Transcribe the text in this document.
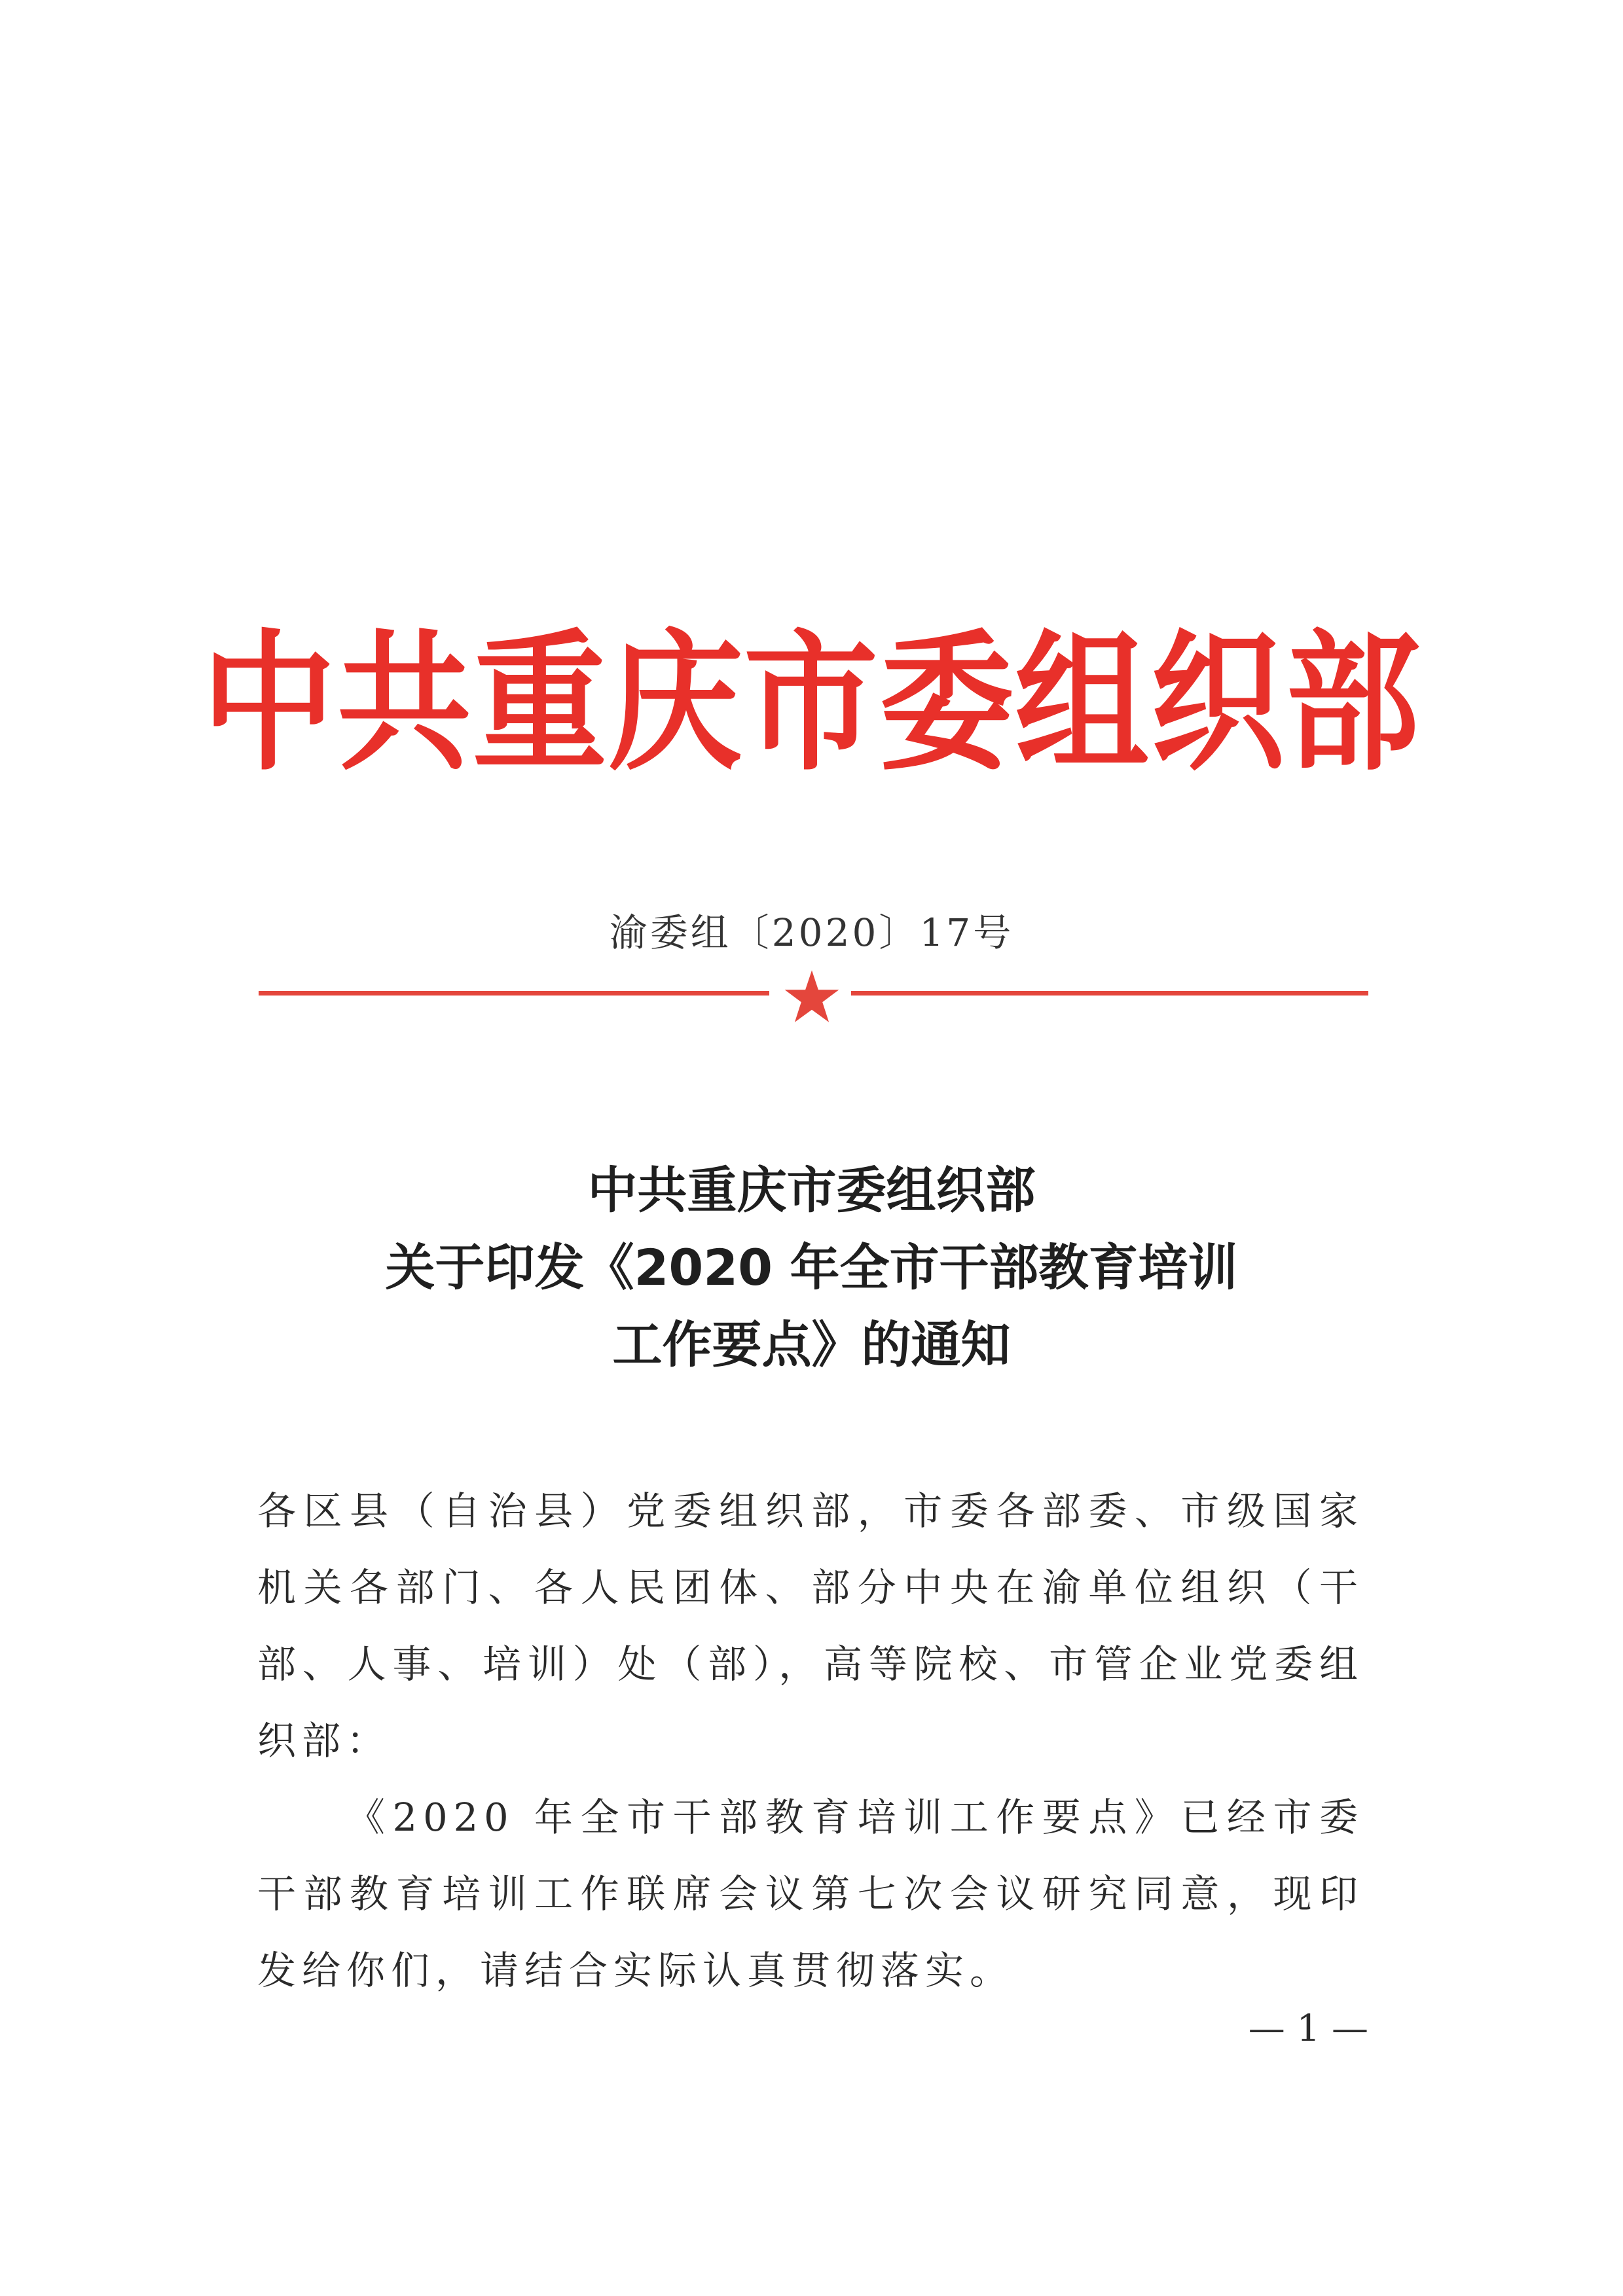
中共重庆市委组织部
渝委组〔2020〕17号
中共重庆市委组织部
关于印发《2020 年全市干部教育培训
工作要点》的通知

各区县（自治县）党委组织部，市委各部委、市级国家机关各部门、各人民团体、部分中央在渝单位组织（干部、人事、培训）处（部），高等院校、市管企业党委组织部：

《2020 年全市干部教育培训工作要点》已经市委干部教育培训工作联席会议第七次会议研究同意，现印发给你们，请结合实际认真贯彻落实。

— 1 —
